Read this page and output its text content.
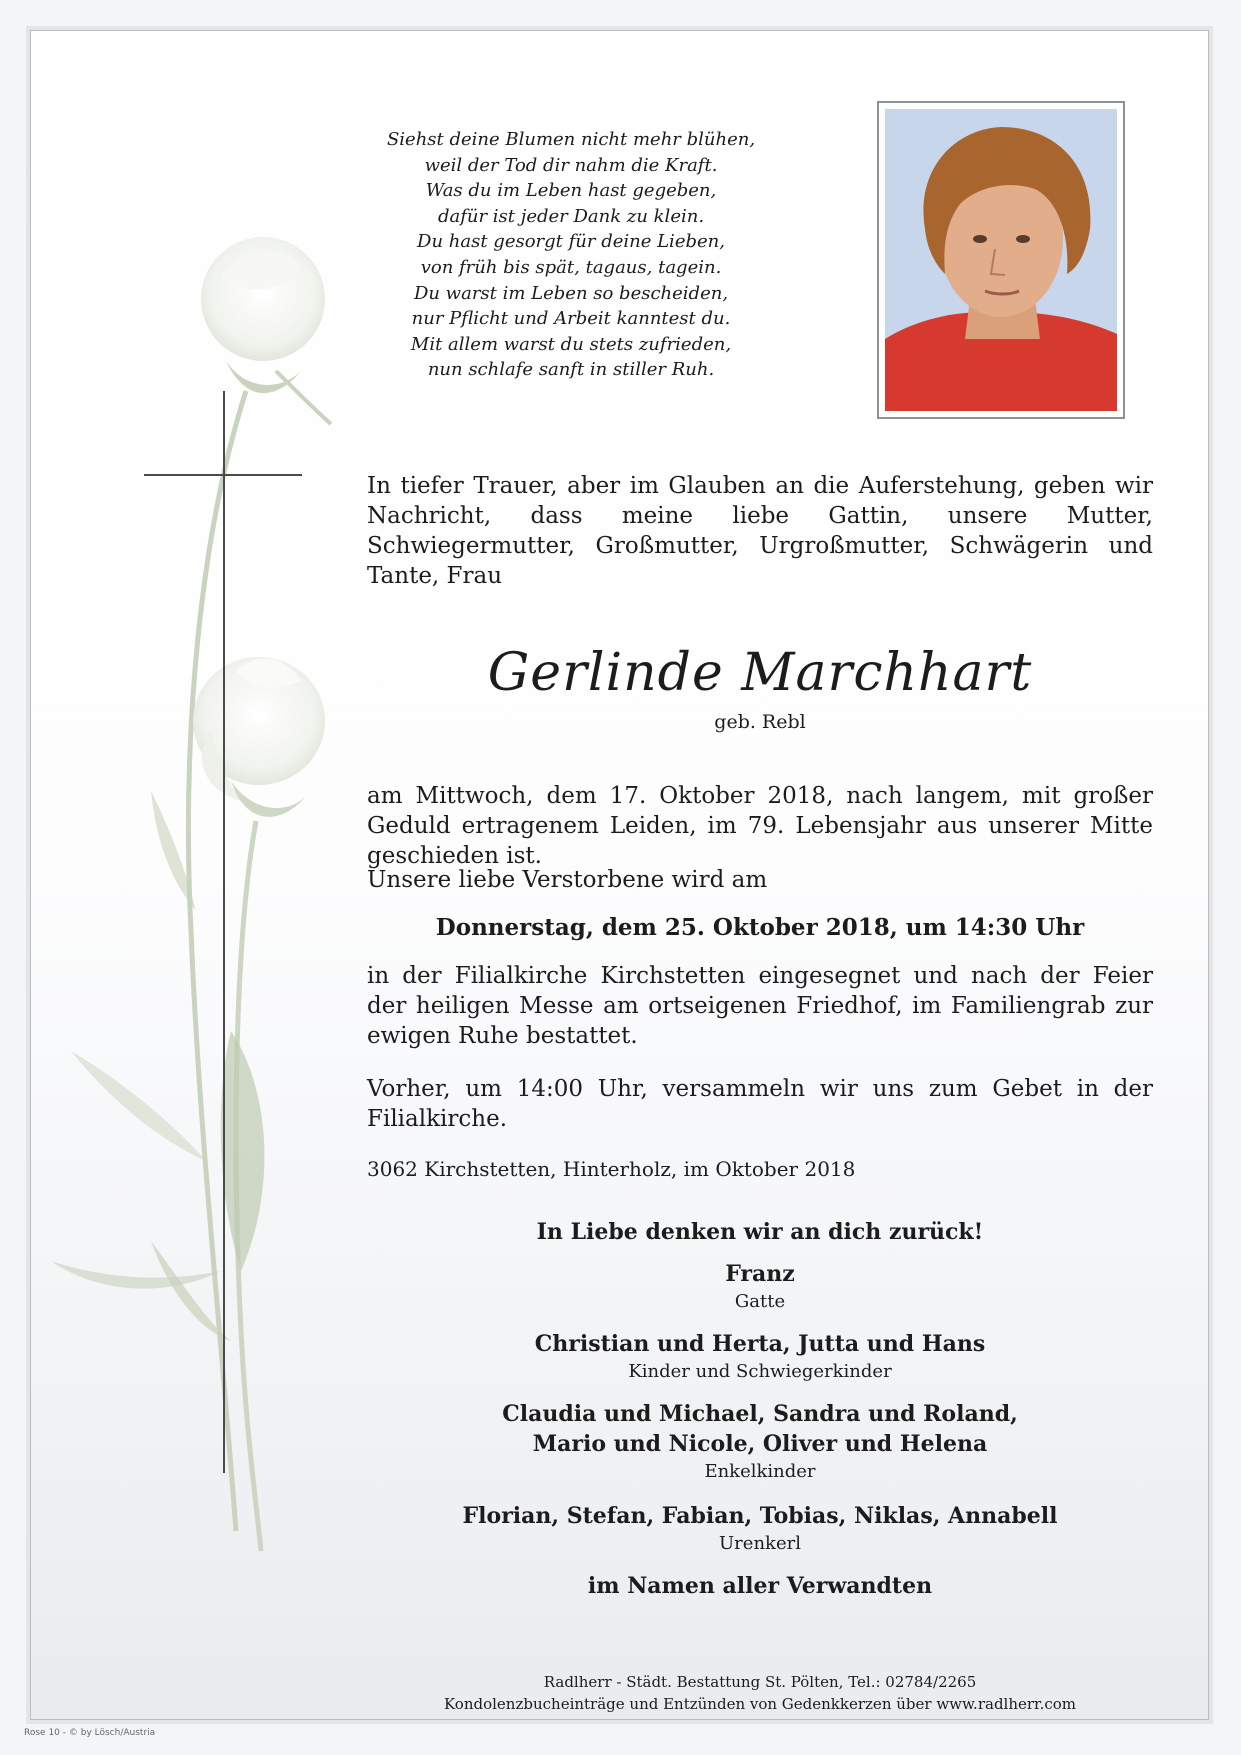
Siehst deine Blumen nicht mehr blühen,
weil der Tod dir nahm die Kraft.
Was du im Leben hast gegeben,
dafür ist jeder Dank zu klein.
Du hast gesorgt für deine Lieben,
von früh bis spät, tagaus, tagein.
Du warst im Leben so bescheiden,
nur Pflicht und Arbeit kanntest du.
Mit allem warst du stets zufrieden,
nun schlafe sanft in stiller Ruh.
In tiefer Trauer, aber im Glauben an die Auferstehung, geben wir Nachricht, dass meine liebe Gattin, unsere Mutter, Schwiegermutter, Großmutter, Urgroßmutter, Schwägerin und Tante, Frau
Gerlinde Marchhart
geb. Rebl
am Mittwoch, dem 17. Oktober 2018, nach langem, mit großer Geduld ertragenem Leiden, im 79. Lebensjahr aus unserer Mitte geschieden ist.
Unsere liebe Verstorbene wird am
Donnerstag, dem 25. Oktober 2018, um 14:30 Uhr
in der Filialkirche Kirchstetten eingesegnet und nach der Feier der heiligen Messe am ortseigenen Friedhof, im Familiengrab zur ewigen Ruhe bestattet.
Vorher, um 14:00 Uhr, versammeln wir uns zum Gebet in der Filialkirche.
3062 Kirchstetten, Hinterholz, im Oktober 2018
In Liebe denken wir an dich zurück!
Franz
Gatte
Christian und Herta, Jutta und Hans
Kinder und Schwiegerkinder
Claudia und Michael, Sandra und Roland,
Mario und Nicole, Oliver und Helena
Enkelkinder
Florian, Stefan, Fabian, Tobias, Niklas, Annabell
Urenkerl
im Namen aller Verwandten
Radlherr - Städt. Bestattung St. Pölten, Tel.: 02784/2265
Kondolenzbucheinträge und Entzünden von Gedenkkerzen über www.radlherr.com
Rose 10 - © by Lösch/Austria
